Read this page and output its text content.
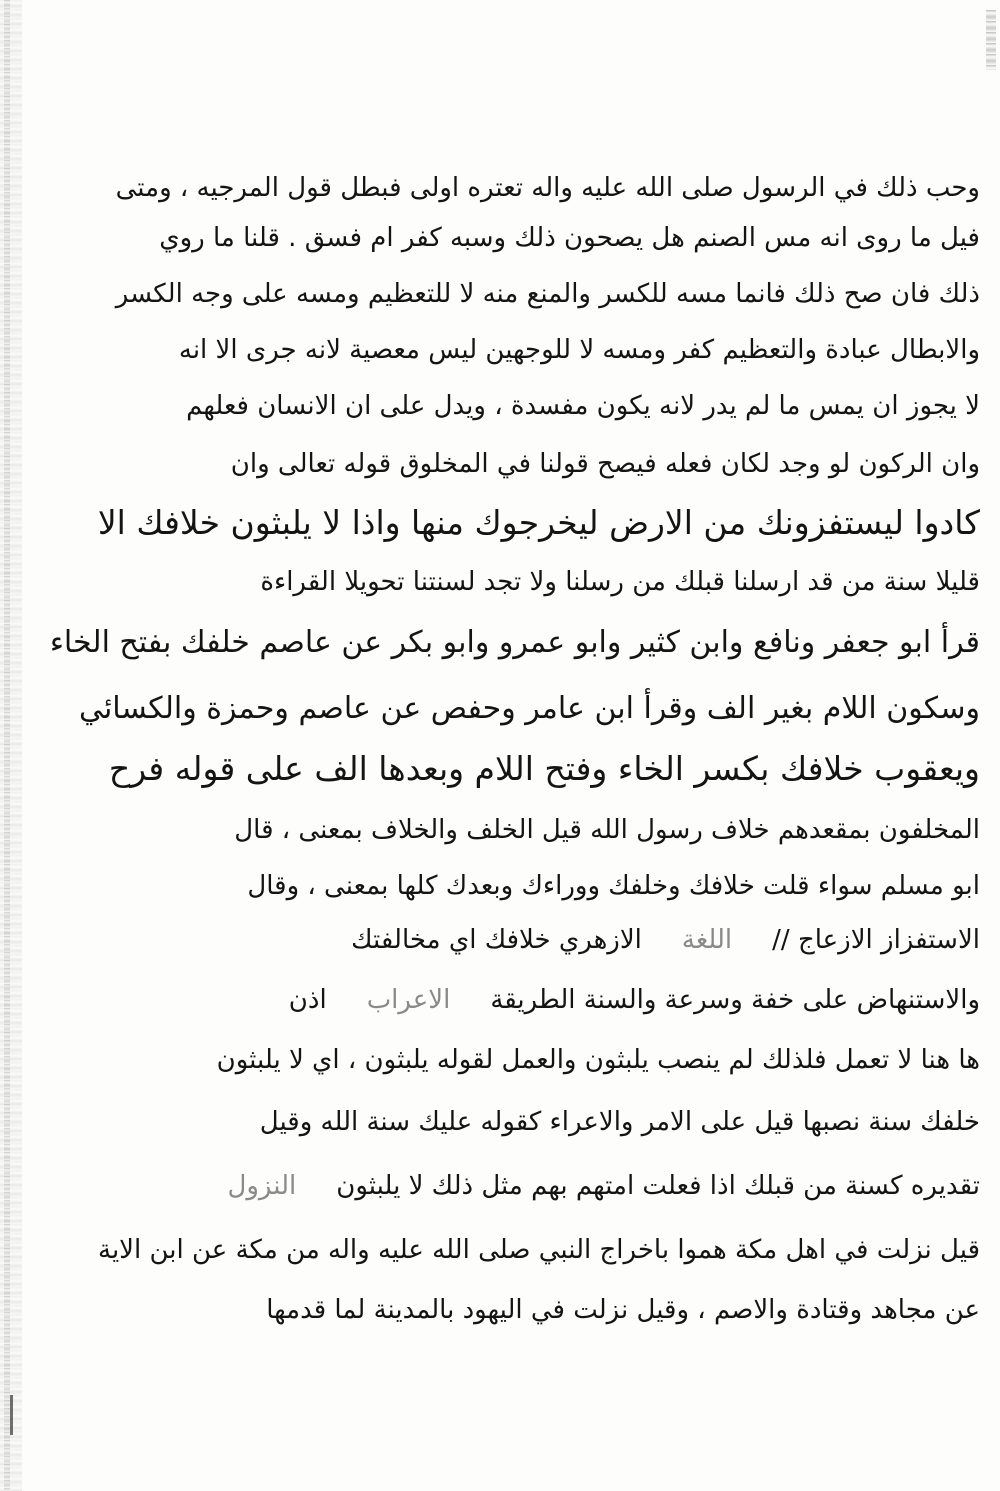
وحب ذلك في الرسول صلى الله عليه واله تعتره اولى فبطل قول المرجيه ، ومتى
فيل ما روى انه مس الصنم هل يصحون ذلك وسبه كفر ام فسق . قلنا ما روي
ذلك فان صح ذلك فانما مسه للكسر والمنع منه لا للتعظيم ومسه على وجه الكسر
والابطال عبادة والتعظيم كفر ومسه لا للوجهين ليس معصية لانه جرى الا انه
لا يجوز ان يمس ما لم يدر لانه يكون مفسدة ، ويدل على ان الانسان فعلهم
وان الركون لو وجد لكان فعله فيصح قولنا في المخلوق قوله تعالى وان
كادوا ليستفزونك من الارض ليخرجوك منها واذا لا يلبثون خلافك الا
قليلا سنة من قد ارسلنا قبلك من رسلنا ولا تجد لسنتنا تحويلا القراءة
قرأ ابو جعفر ونافع وابن كثير وابو عمرو وابو بكر عن عاصم خلفك بفتح الخاء
وسكون اللام بغير الف وقرأ ابن عامر وحفص عن عاصم وحمزة والكسائي
ويعقوب خلافك بكسر الخاء وفتح اللام وبعدها الف على قوله فرح
المخلفون بمقعدهم خلاف رسول الله قيل الخلف والخلاف بمعنى ، قال
ابو مسلم سواء قلت خلافك وخلفك ووراءك وبعدك كلها بمعنى ، وقال
الاستفزاز الازعاج //اللغةالازهري خلافك اي مخالفتك
والاستنهاض على خفة وسرعة والسنة الطريقةالاعراباذن
ها هنا لا تعمل فلذلك لم ينصب يلبثون والعمل لقوله يلبثون ، اي لا يلبثون
خلفك سنة نصبها قيل على الامر والاعراء كقوله عليك سنة الله وقيل
تقديره كسنة من قبلك اذا فعلت امتهم بهم مثل ذلك لا يلبثونالنزول
قيل نزلت في اهل مكة هموا باخراج النبي صلى الله عليه واله من مكة عن ابن الاية
عن مجاهد وقتادة والاصم ، وقيل نزلت في اليهود بالمدينة لما قدمها
